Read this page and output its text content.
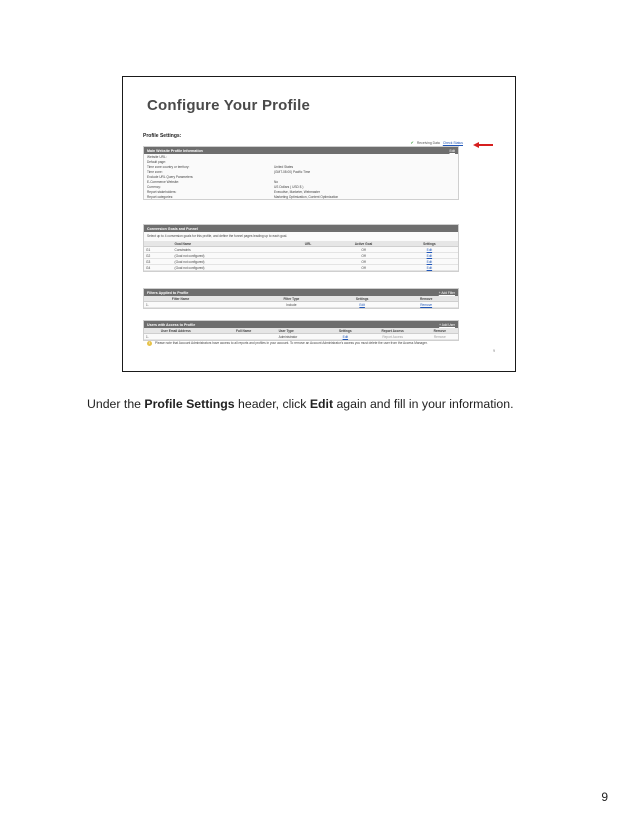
Configure Your Profile
Profile Settings:
✔ Receiving Data Check Status
Main Website Profile Information	Edit
Website URL:
Default page:
Time zone country or territory:	United States
Time zone:	(GMT-08:00) Pacific Time
Exclude URL Query Parameters:
E-Commerce Website:	No
Currency:	US Dollars ( USD $ )
Report stakeholders:	Executive, Marketer, Webmaster
Report categories:	Marketing Optimization, Content Optimization
Conversion Goals and Funnel
Select up to 4 conversion goals for this profile, and define the funnel pages leading up to each goal.
	Goal Name	URL	Active Goal	Settings
G1	Constraints		Off	Edit
G2	(Goal not configured)		Off	Edit
G3	(Goal not configured)		Off	Edit
G4	(Goal not configured)		Off	Edit
Filters Applied to Profile	+ Add Filter
	Filter Name	Filter Type	Settings	Remove
1.		Include	Edit	Remove
Users with Access to Profile	+ Add User
	User Email Address	Full Name	User Type	Settings	Report Access	Remove
1.			Administrator	Edit	Report Access	Remove
i	Please note that Account Administrators have access to all reports and profiles in your account. To remove an Account Administrator's access you must delete the user from the Access Manager.
9
Under the Profile Settings header, click Edit again and fill in your information.
9
